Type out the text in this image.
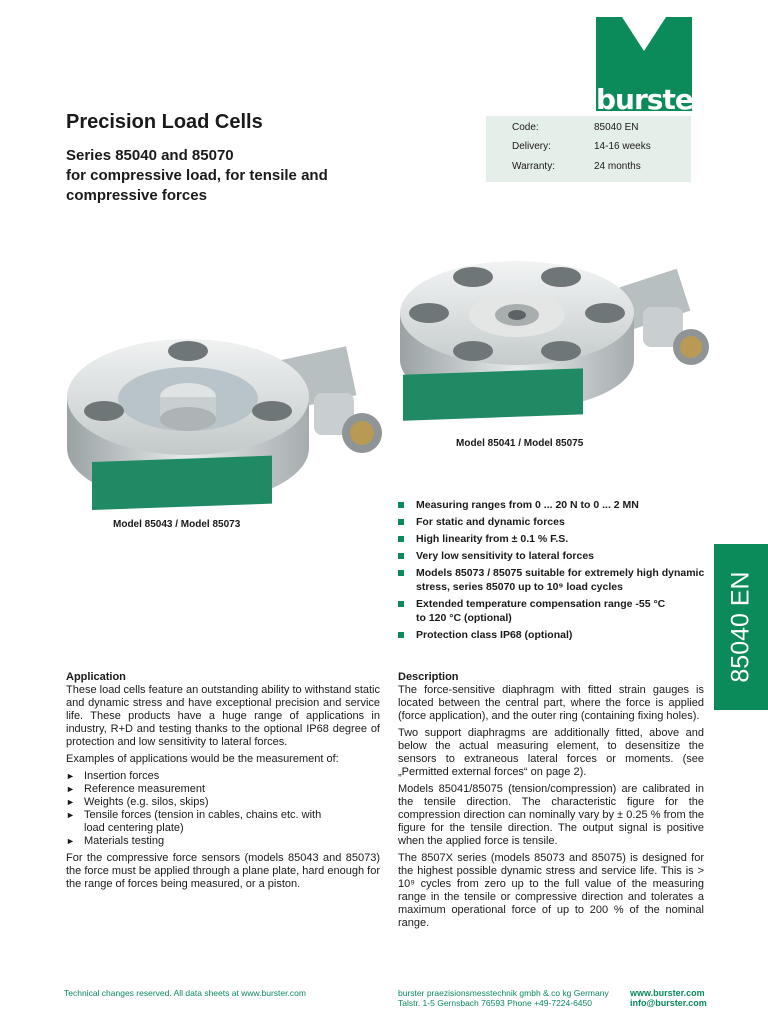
burster
Precision Load Cells
Series 85040 and 85070
for compressive load, for tensile and
compressive forces
Code:	85040 EN
Delivery:	14-16 weeks
Warranty:	24 months
Model 85041 / Model 85075
Model 85043 / Model 85073
Measuring ranges from 0 ... 20 N to 0 ... 2 MN
For static and dynamic forces
High linearity from ± 0.1 % F.S.
Very low sensitivity to lateral forces
Models 85073 / 85075 suitable for extremely high dynamic stress, series 85070 up to 10⁹ load cycles
Extended temperature compensation range -55 °C to 120 °C (optional)
Protection class IP68 (optional)	85040 EN
Application

These load cells feature an outstanding ability to withstand static and dynamic stress and have exceptional precision and service life. These products have a huge range of applications in industry, R+D and testing thanks to the optional IP68 degree of protection and low sensitivity to lateral forces.

Examples of applications would be the measurement of:

► Insertion forces
► Reference measurement
► Weights (e.g. silos, skips)
► Tensile forces (tension in cables, chains etc. with load centering plate)
► Materials testing

For the compressive force sensors (models 85043 and 85073) the force must be applied through a plane plate, hard enough for the range of forces being measured, or a piston.

Description

The force-sensitive diaphragm with fitted strain gauges is located between the central part, where the force is applied (force application), and the outer ring (containing fixing holes).

Two support diaphragms are additionally fitted, above and below the actual measuring element, to desensitize the sensors to extraneous lateral forces or moments. (see „Permitted external forces“ on page 2).

Models 85041/85075 (tension/compression) are calibrated in the tensile direction. The characteristic figure for the compression direction can nominally vary by ± 0.25 % from the figure for the tensile direction. The output signal is positive when the applied force is tensile.

The 8507X series (models 85073 and 85075) is designed for the highest possible dynamic stress and service life. This is > 10⁹ cycles from zero up to the full value of the measuring range in the tensile or compressive direction and tolerates a maximum operational force of up to 200 % of the nominal range.

Technical changes reserved. All data sheets at www.burster.com	burster praezisionsmesstechnik gmbh & co kg Germany
Talstr. 1-5 Gernsbach 76593 Phone +49-7224-6450
www.burster.com
info@burster.com
